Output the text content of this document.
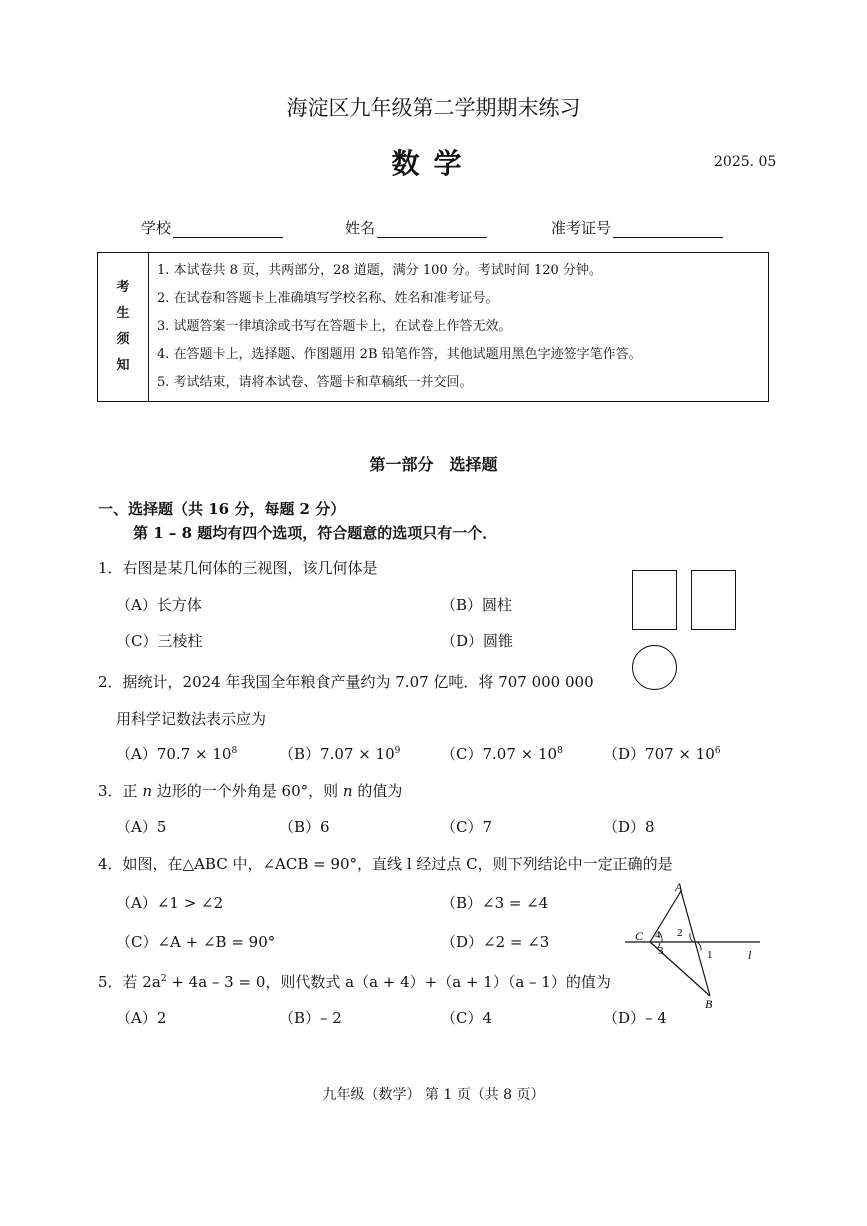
海淀区九年级第二学期期末练习
数学	2025. 05
学校	姓名	准考证号
考
生
须
知

1. 本试卷共 8 页，共两部分，28 道题，满分 100 分。考试时间 120 分钟。
2. 在试卷和答题卡上准确填写学校名称、姓名和准考证号。
3. 试题答案一律填涂或书写在答题卡上，在试卷上作答无效。
4. 在答题卡上，选择题、作图题用 2B 铅笔作答，其他试题用黑色字迹签字笔作答。
5. 考试结束，请将本试卷、答题卡和草稿纸一并交回。
第一部分　选择题
一、选择题（共 16 分，每题 2 分）
第 1 – 8 题均有四个选项，符合题意的选项只有一个．
1．右图是某几何体的三视图，该几何体是
（A）长方体	（B）圆柱
（C）三棱柱	（D）圆锥
2．据统计，2024 年我国全年粮食产量约为 7.07 亿吨．将 707 000 000
用科学记数法表示应为
$(A)70.7 \times 10^8$	$(B)7.07 \times 10^9$	$(C)7.07 \times 10^8$	$(D)707 \times 10^6$
3．正 n 边形的一个外角是 60°，则 n 的值为
（A）5	（B）6	（C）7	（D）8
4．如图，在△ABC 中，∠ACB = 90°，直线 l 经过点 C，则下列结论中一定正确的是
（A）∠1 > ∠2	（B）∠3 = ∠4
（C）∠A + ∠B = 90°	（D）∠2 = ∠3
A
C
B
l
4
3
2
1
5．若 $2a^2 + 4a - 3 = 0$，则代数式 a（a + 4）+（a + 1）（a – 1）的值为
（A）2	（B）– 2	（C）4	（D）– 4
九年级（数学） 第 1 页（共 8 页）
